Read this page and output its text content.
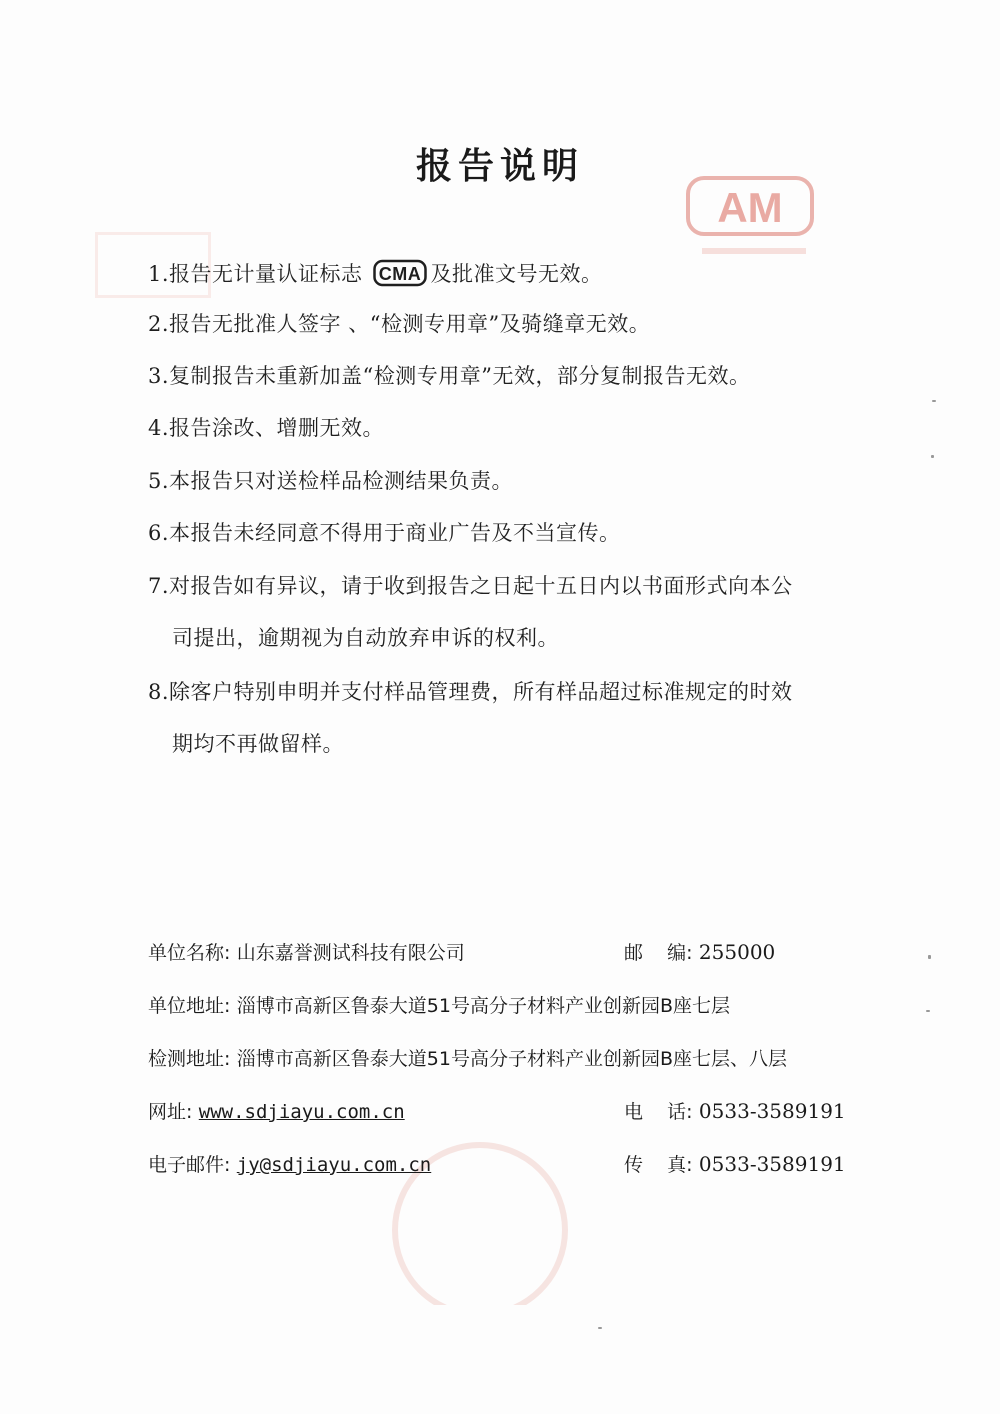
AM
报告说明
1.报告无计量认证标志 CMA 及批准文号无效。
2.报告无批准人签字 、“检测专用章”及骑缝章无效。
3.复制报告未重新加盖“检测专用章”无效，部分复制报告无效。
4.报告涂改、增删无效。
5.本报告只对送检样品检测结果负责。
6.本报告未经同意不得用于商业广告及不当宣传。
7.对报告如有异议，请于收到报告之日起十五日内以书面形式向本公
司提出，逾期视为自动放弃申诉的权利。
8.除客户特别申明并支付样品管理费，所有样品超过标准规定的时效
期均不再做留样。
单位名称: 山东嘉誉测试科技有限公司	邮    编: 255000
单位地址: 淄博市高新区鲁泰大道51号高分子材料产业创新园B座七层
检测地址: 淄博市高新区鲁泰大道51号高分子材料产业创新园B座七层、八层
网址: www.sdjiayu.com.cn	电    话: 0533-3589191
电子邮件: jy@sdjiayu.com.cn	传    真: 0533-3589191
